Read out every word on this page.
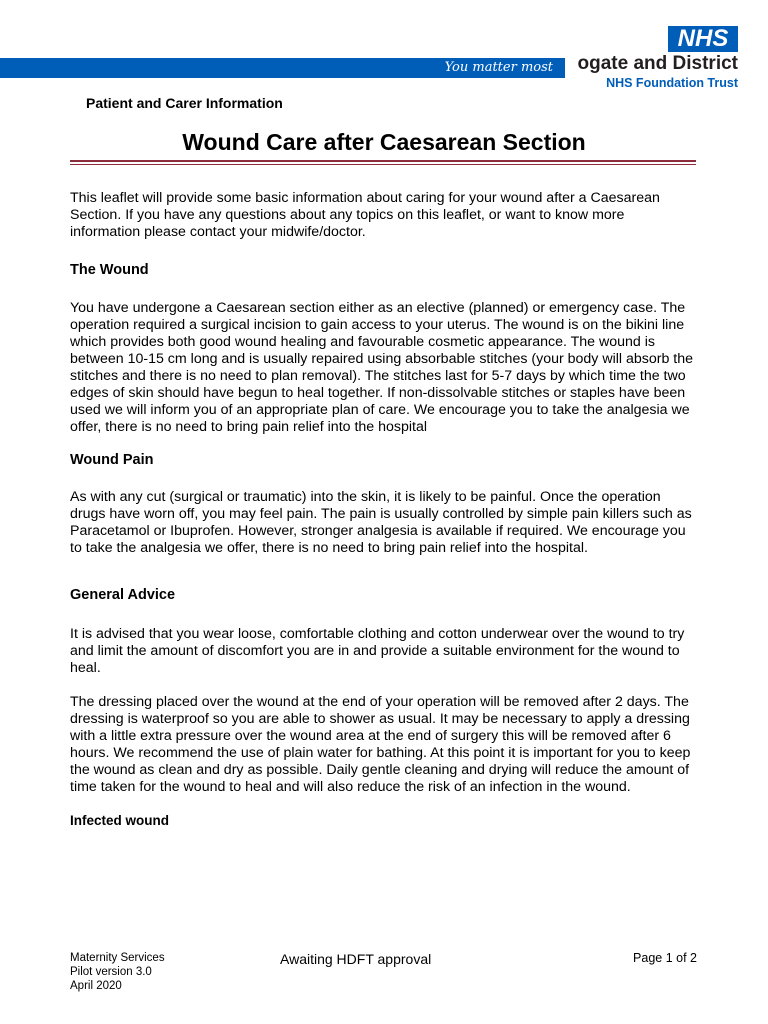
You matter most
NHS
ogate and District
NHS Foundation Trust
Patient and Carer Information
Wound Care after Caesarean Section

This leaflet will provide some basic information about caring for your wound after a Caesarean Section. If you have any questions about any topics on this leaflet, or want to know more information please contact your midwife/doctor.

The Wound

You have undergone a Caesarean section either as an elective (planned) or emergency case. The operation required a surgical incision to gain access to your uterus. The wound is on the bikini line which provides both good wound healing and favourable cosmetic appearance. The wound is between 10-15 cm long and is usually repaired using absorbable stitches (your body will absorb the stitches and there is no need to plan removal). The stitches last for 5-7 days by which time the two edges of skin should have begun to heal together. If non-dissolvable stitches or staples have been used we will inform you of an appropriate plan of care. We encourage you to take the analgesia we offer, there is no need to bring pain relief into the hospital

Wound Pain

As with any cut (surgical or traumatic) into the skin, it is likely to be painful. Once the operation drugs have worn off, you may feel pain. The pain is usually controlled by simple pain killers such as Paracetamol or Ibuprofen. However, stronger analgesia is available if required. We encourage you to take the analgesia we offer, there is no need to bring pain relief into the hospital.

General Advice

It is advised that you wear loose, comfortable clothing and cotton underwear over the wound to try and limit the amount of discomfort you are in and provide a suitable environment for the wound to heal.

The dressing placed over the wound at the end of your operation will be removed after 2 days. The dressing is waterproof so you are able to shower as usual. It may be necessary to apply a dressing with a little extra pressure over the wound area at the end of surgery this will be removed after 6 hours. We recommend the use of plain water for bathing. At this point it is important for you to keep the wound as clean and dry as possible. Daily gentle cleaning and drying will reduce the amount of time taken for the wound to heal and will also reduce the risk of an infection in the wound.

Infected wound
Maternity Services
Pilot version 3.0
April 2020
Awaiting HDFT approval	Page 1 of 2
